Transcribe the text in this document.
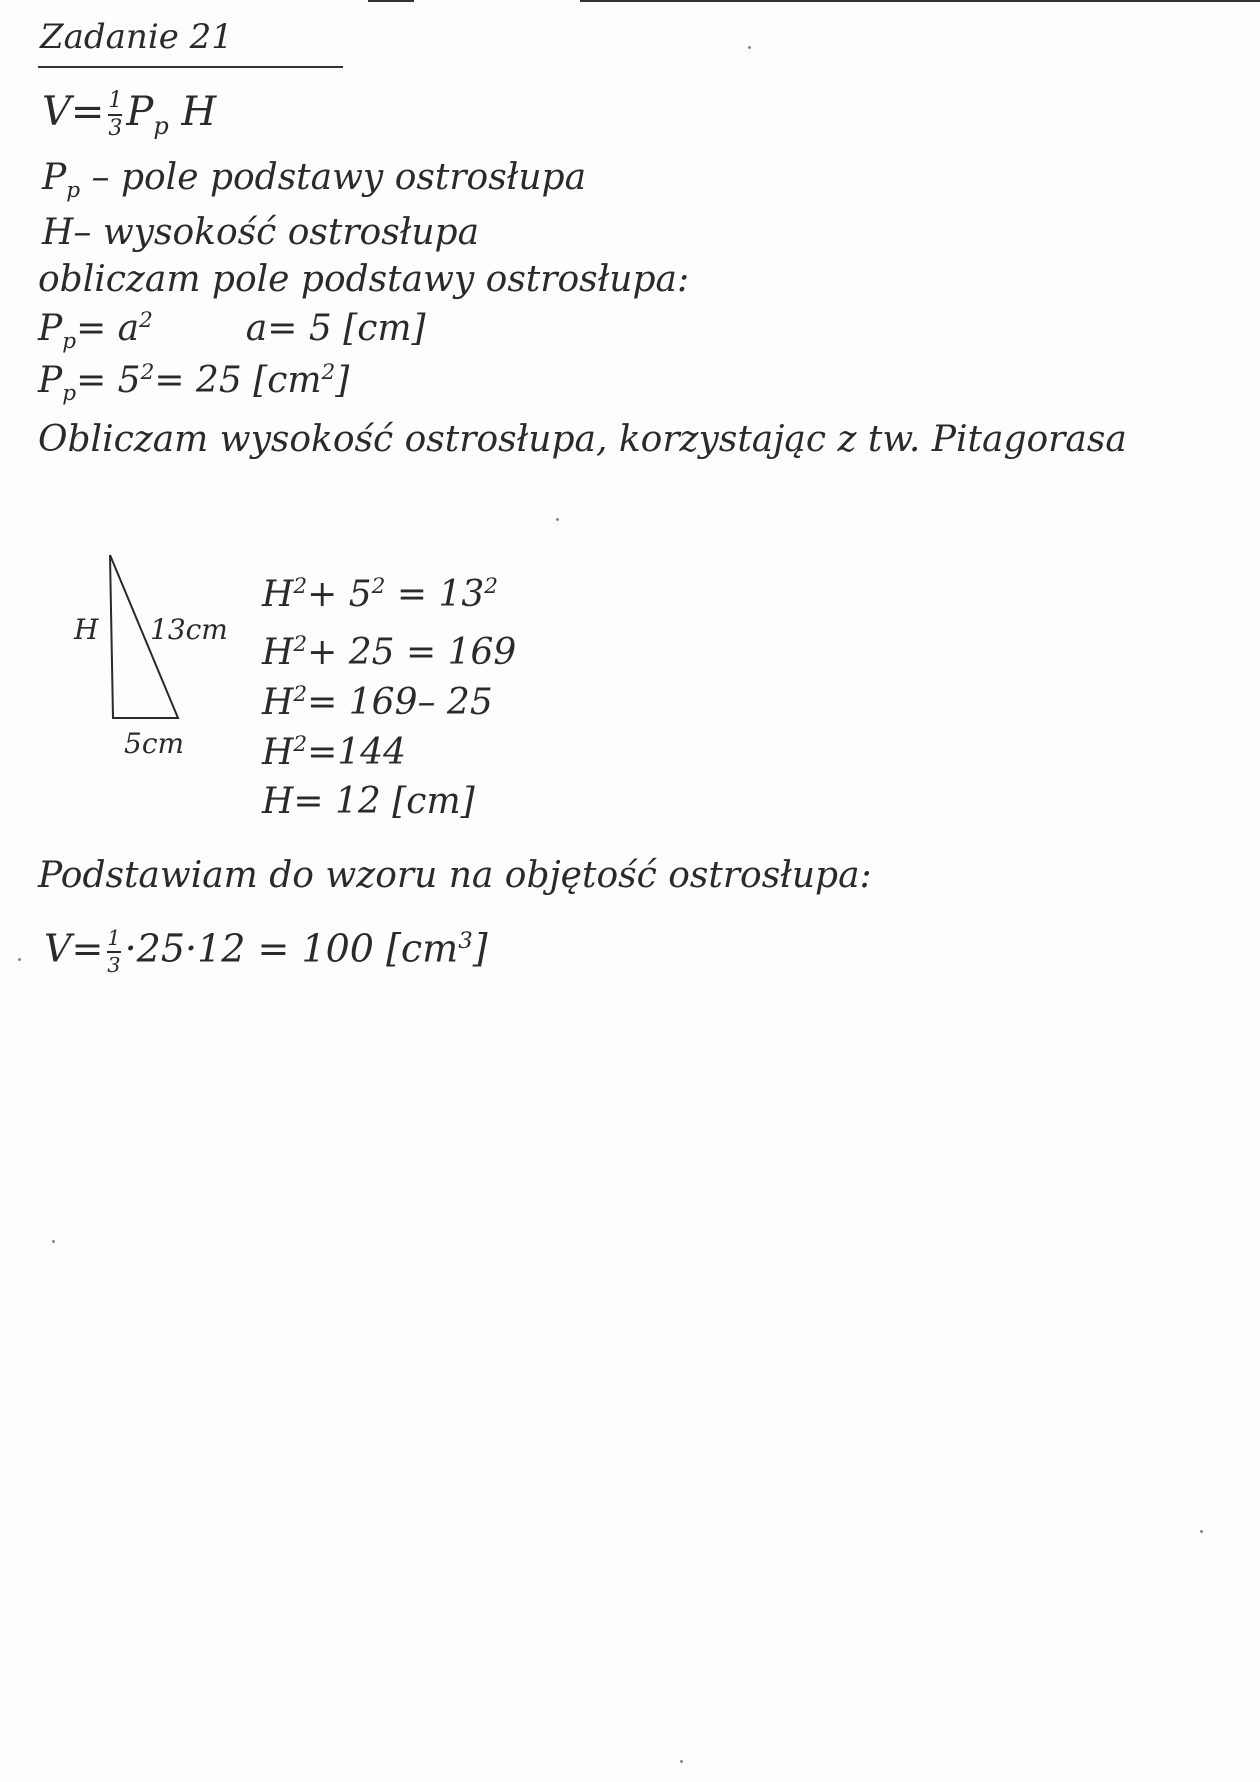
Zadanie 21
$V= \frac{1}{3} P_p$ H
$P_p$ – pole podstawy ostrosłupa
H– wysokość ostrosłupa
obliczam pole podstawy ostrosłupa:
$P_p= a^2$	a= 5 [cm]
$P_p= 5^2= 25$ $[cm^2]$
Obliczam wysokość ostrosłupa, korzystając z tw. Pitagorasa
H 13cm
5cm
$H^2+ 5^2 = 13^2$
$H^2+ 25 = 169$
$H^2= 169-$ 25
$H^2=144$
H= 12 [cm]
Podstawiam do wzoru na objętość ostrosłupa:
$V= \frac{1}{3} \cdot 25\cdot 12 = 100$ $[cm^3]$
